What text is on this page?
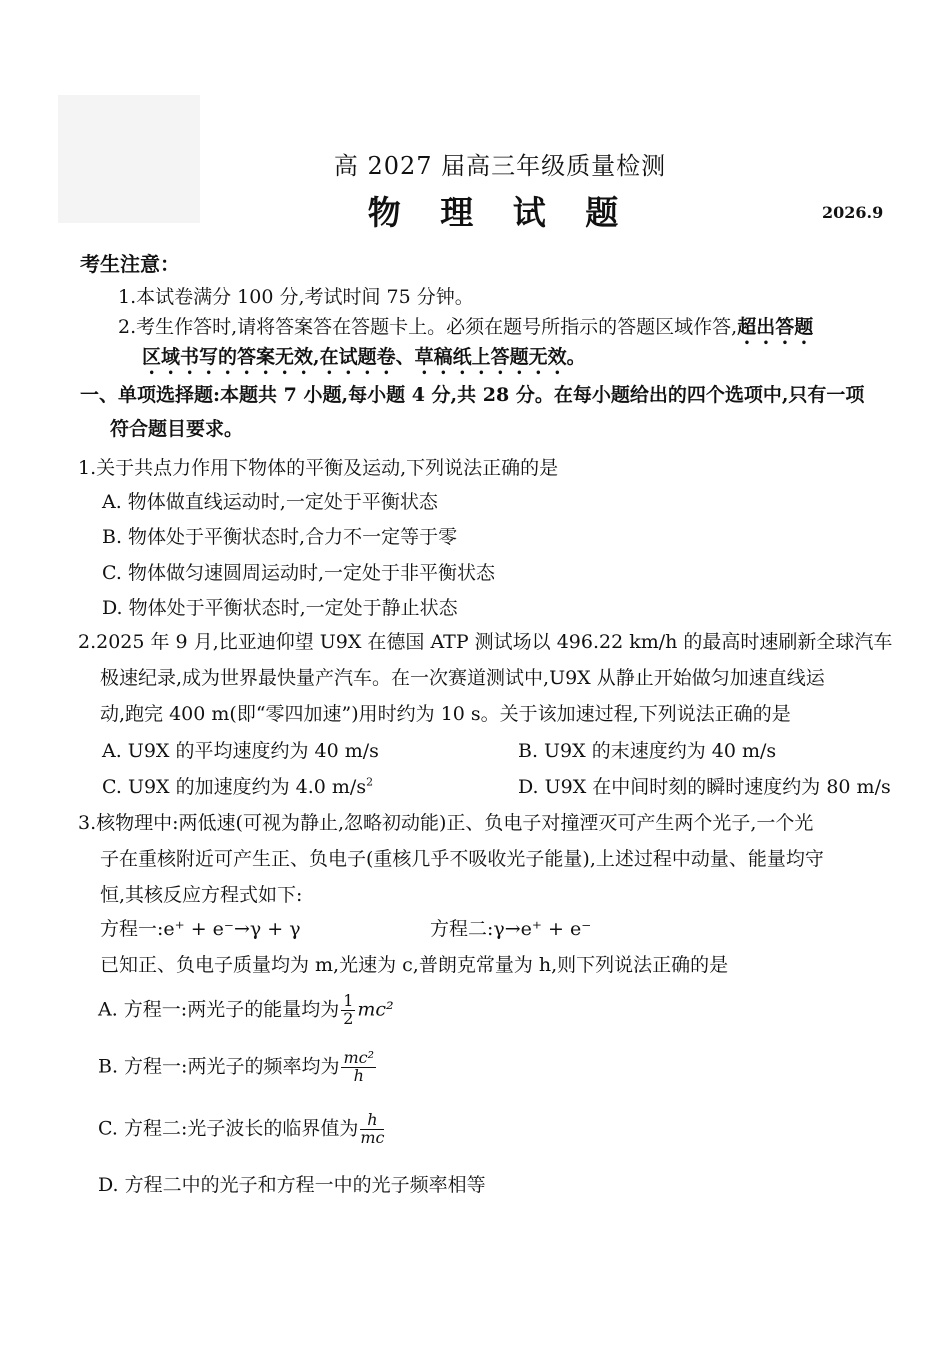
高 2027 届高三年级质量检测
物 理 试 题	2026.9
考生注意：
1.本试卷满分 100 分,考试时间 75 分钟。
2.考生作答时,请将答案答在答题卡上。必须在题号所指示的答题区域作答,超出答题
区域书写的答案无效,在试题卷、草稿纸上答题无效。
一、单项选择题:本题共 7 小题,每小题 4 分,共 28 分。在每小题给出的四个选项中,只有一项
符合题目要求。
1.关于共点力作用下物体的平衡及运动,下列说法正确的是
A. 物体做直线运动时,一定处于平衡状态
B. 物体处于平衡状态时,合力不一定等于零
C. 物体做匀速圆周运动时,一定处于非平衡状态
D. 物体处于平衡状态时,一定处于静止状态
2.2025 年 9 月,比亚迪仰望 U9X 在德国 ATP 测试场以 496.22 km/h 的最高时速刷新全球汽车
极速纪录,成为世界最快量产汽车。在一次赛道测试中,U9X 从静止开始做匀加速直线运
动,跑完 400 m(即“零四加速”)用时约为 10 s。关于该加速过程,下列说法正确的是
A. U9X 的平均速度约为 40 m/s	B. U9X 的末速度约为 40 m/s
C. U9X 的加速度约为 4.0 $m/s^2$	D. U9X 在中间时刻的瞬时速度约为 80 m/s
3.核物理中:两低速(可视为静止,忽略初动能)正、负电子对撞湮灭可产生两个光子,一个光
子在重核附近可产生正、负电子(重核几乎不吸收光子能量),上述过程中动量、能量均守
恒,其核反应方程式如下:
方程一:e⁺ + e⁻→γ + γ	方程二:γ→e⁺ + e⁻
已知正、负电子质量均为 m,光速为 c,普朗克常量为 h,则下列说法正确的是
A. 方程一:两光子的能量均为 $\frac{1}{2} mc^2$
B. 方程一:两光子的频率均为 $\frac{\text{mc²}}{h}$
C. 方程二:光子波长的临界值为 $\frac{h}{mc}$
D. 方程二中的光子和方程一中的光子频率相等
